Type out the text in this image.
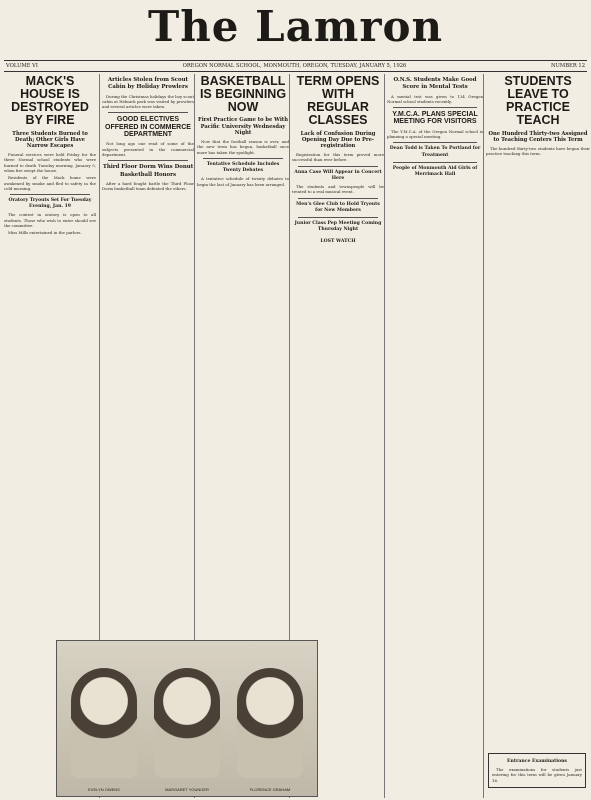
The Lamron
VOLUME VI	OREGON NORMAL SCHOOL, MONMOUTH, OREGON, TUESDAY, JANUARY 5, 1926	NUMBER 12
MACK'S HOUSE IS DESTROYED BY FIRE
Three Students Burned to Death; Other Girls Have Narrow Escapes

Funeral services were held Friday for the three Normal school students who were burned to death Tuesday morning, January 5, when fire swept the house.

Residents of the Mack home were awakened by smoke and fled to safety in the cold morning.

Oratory Tryouts Set For Tuesday Evening, Jan. 19

The contest in oratory is open to all students. Those who wish to enter should see the committee.

Miss Mills entertained in the parlors.

Articles Stolen from Scout Cabin by Holiday Prowlers

During the Christmas holidays the boy scout cabin at Helmick park was visited by prowlers and several articles were taken.

GOOD ELECTIVES OFFERED IN COMMERCE DEPARTMENT

Not long ago one read of some of the subjects presented in the commercial department.

Third Floor Dorm Wins Donut Basketball Honors

After a hard fought battle the Third Floor Dorm basketball team defeated the others.

BASKETBALL IS BEGINNING NOW
First Practice Game to be With Pacific University Wednesday Night

Now that the football season is over, and the new term has begun, basketball once more has taken the spotlight.

Tentative Schedule Includes Twenty Debates

A tentative schedule of twenty debates to begin the last of January has been arranged.

TERM OPENS WITH REGULAR CLASSES
Lack of Confusion During Opening Day Due to Pre-registration

Registration for this term proved more successful than ever before.

Anna Case Will Appear in Concert Here

The students and townspeople will be treated to a real musical event.

Men's Glee Club to Hold Tryouts for New Members
Junior Class Pep Meeting Coming Thursday Night
LOST WATCH
O.N.S. Students Make Good Score in Mental Tests

A mental test was given to 134 Oregon Normal school students recently.

Y.M.C.A. PLANS SPECIAL MEETING FOR VISITORS

The Y.M.C.A. of the Oregon Normal school is planning a special meeting.

Dean Todd is Taken To Portland for Treatment
People of Monmouth Aid Girls of Merrimack Hall
STUDENTS LEAVE TO PRACTICE TEACH
One Hundred Thirty-two Assigned to Teaching Centers This Term

The hundred thirty-two students have begun their practice teaching this term.

Entrance Examinations

The examinations for students just entering for this term will be given January 16.

EVELYN OWENS	MARGARET YOUNGER	FLORENCE GRAHAM
